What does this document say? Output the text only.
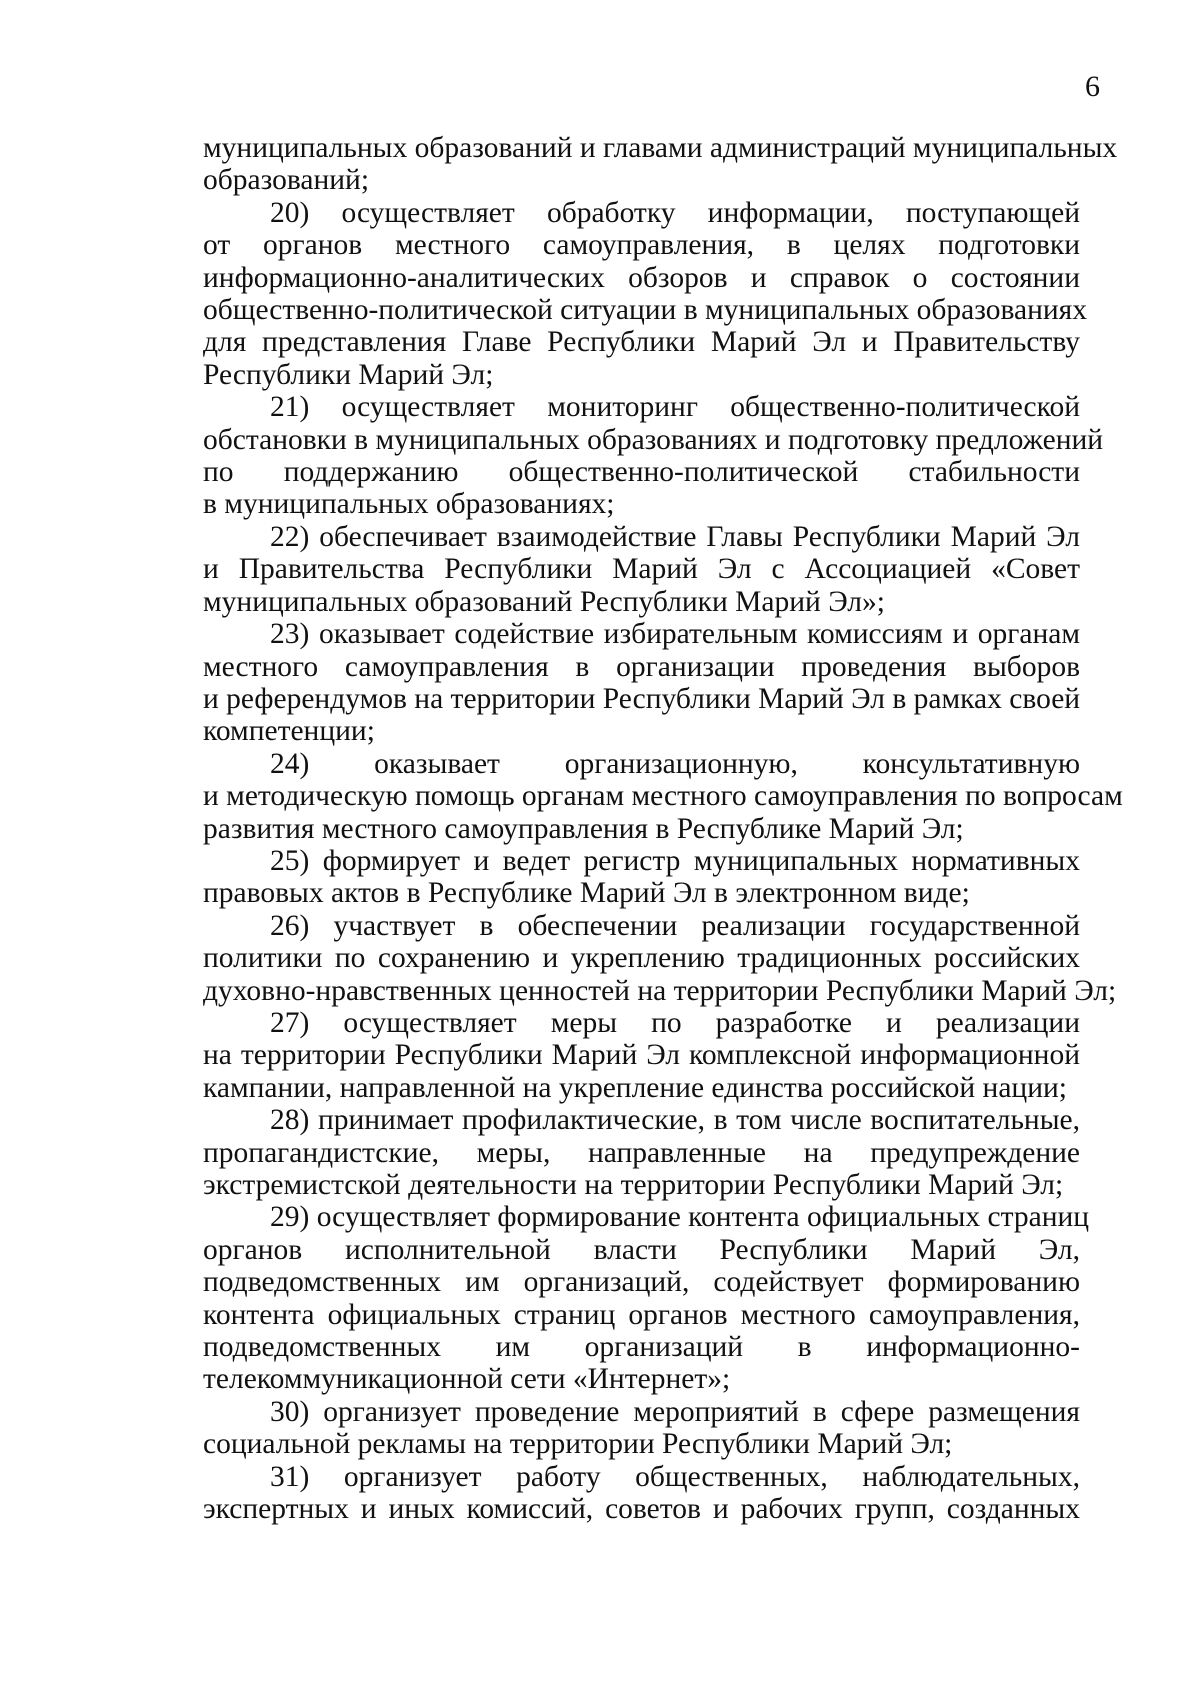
6
муниципальных образований и главами администраций муниципальных
образований;
20) осуществляет обработку информации, поступающей
от органов местного самоуправления, в целях подготовки
информационно-аналитических обзоров и справок о состоянии
общественно-политической ситуации в муниципальных образованиях
для представления Главе Республики Марий Эл и Правительству
Республики Марий Эл;
21) осуществляет мониторинг общественно-политической
обстановки в муниципальных образованиях и подготовку предложений
по поддержанию общественно-политической стабильности
в муниципальных образованиях;
22) обеспечивает взаимодействие Главы Республики Марий Эл
и Правительства Республики Марий Эл с Ассоциацией «Совет
муниципальных образований Республики Марий Эл»;
23) оказывает содействие избирательным комиссиям и органам
местного самоуправления в организации проведения выборов
и референдумов на территории Республики Марий Эл в рамках своей
компетенции;
24) оказывает организационную, консультативную
и методическую помощь органам местного самоуправления по вопросам
развития местного самоуправления в Республике Марий Эл;
25) формирует и ведет регистр муниципальных нормативных
правовых актов в Республике Марий Эл в электронном виде;
26) участвует в обеспечении реализации государственной
политики по сохранению и укреплению традиционных российских
духовно-нравственных ценностей на территории Республики Марий Эл;
27) осуществляет меры по разработке и реализации
на территории Республики Марий Эл комплексной информационной
кампании, направленной на укрепление единства российской нации;
28) принимает профилактические, в том числе воспитательные,
пропагандистские, меры, направленные на предупреждение
экстремистской деятельности на территории Республики Марий Эл;
29) осуществляет формирование контента официальных страниц
органов исполнительной власти Республики Марий Эл,
подведомственных им организаций, содействует формированию
контента официальных страниц органов местного самоуправления,
подведомственных им организаций в информационно-
телекоммуникационной сети «Интернет»;
30) организует проведение мероприятий в сфере размещения
социальной рекламы на территории Республики Марий Эл;
31) организует работу общественных, наблюдательных,
экспертных и иных комиссий, советов и рабочих групп, созданных
